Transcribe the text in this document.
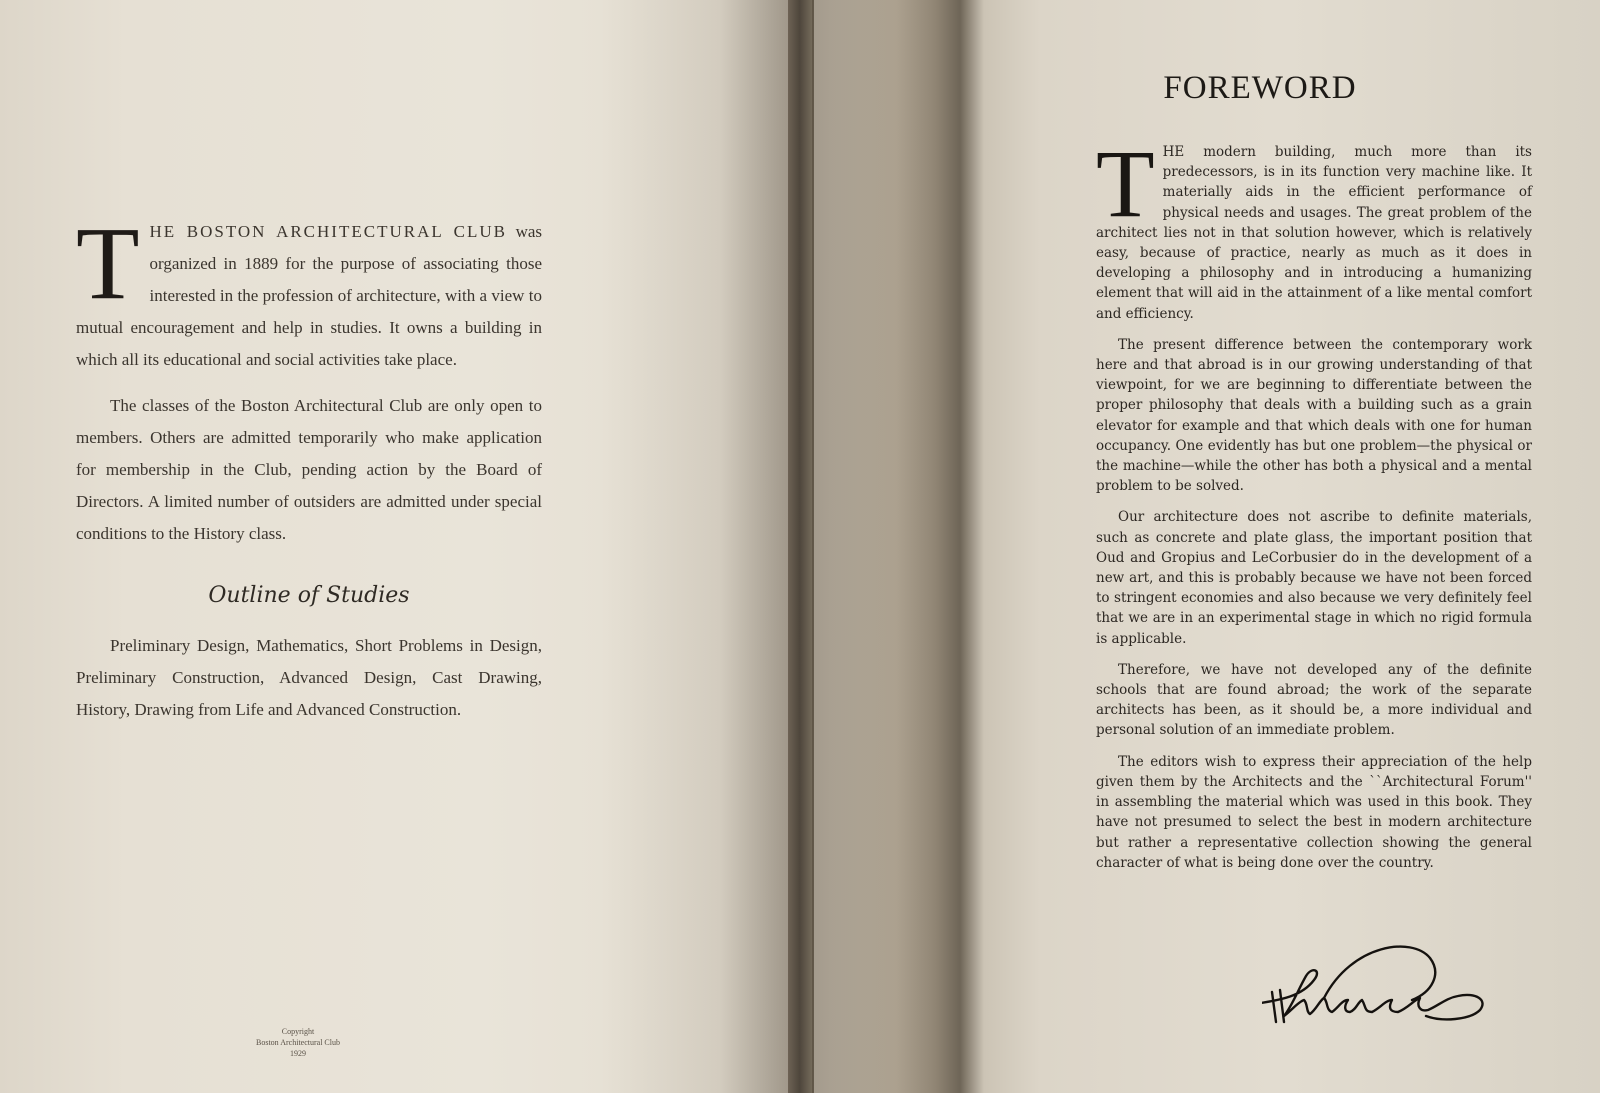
THE BOSTON ARCHITECTURAL CLUB was organized in 1889 for the purpose of associating those interested in the profession of architecture, with a view to mutual encouragement and help in studies. It owns a building in which all its educational and social activities take place.

The classes of the Boston Architectural Club are only open to members. Others are admitted temporarily who make application for membership in the Club, pending action by the Board of Directors. A limited number of outsiders are admitted under special conditions to the History class.

Outline of Studies

Preliminary Design, Mathematics, Short Problems in Design, Preliminary Construction, Advanced Design, Cast Drawing, History, Drawing from Life and Advanced Construction.

Copyright
Boston Architectural Club
1929
FOREWORD

THE modern building, much more than its predecessors, is in its function very machine like. It materially aids in the efficient performance of physical needs and usages. The great problem of the architect lies not in that solution however, which is relatively easy, because of practice, nearly as much as it does in developing a philosophy and in introducing a humanizing element that will aid in the attainment of a like mental comfort and efficiency.

The present difference between the contemporary work here and that abroad is in our growing understanding of that viewpoint, for we are beginning to differentiate between the proper philosophy that deals with a building such as a grain elevator for example and that which deals with one for human occupancy. One evidently has but one problem—the physical or the machine—while the other has both a physical and a mental problem to be solved.

Our architecture does not ascribe to definite materials, such as concrete and plate glass, the important position that Oud and Gropius and LeCorbusier do in the development of a new art, and this is probably because we have not been forced to stringent economies and also because we very definitely feel that we are in an experimental stage in which no rigid formula is applicable.

Therefore, we have not developed any of the definite schools that are found abroad; the work of the separate architects has been, as it should be, a more individual and personal solution of an immediate problem.

The editors wish to express their appreciation of the help given them by the Architects and the ``Architectural Forum'' in assembling the material which was used in this book. They have not presumed to select the best in modern architecture but rather a representative collection showing the general character of what is being done over the country.
